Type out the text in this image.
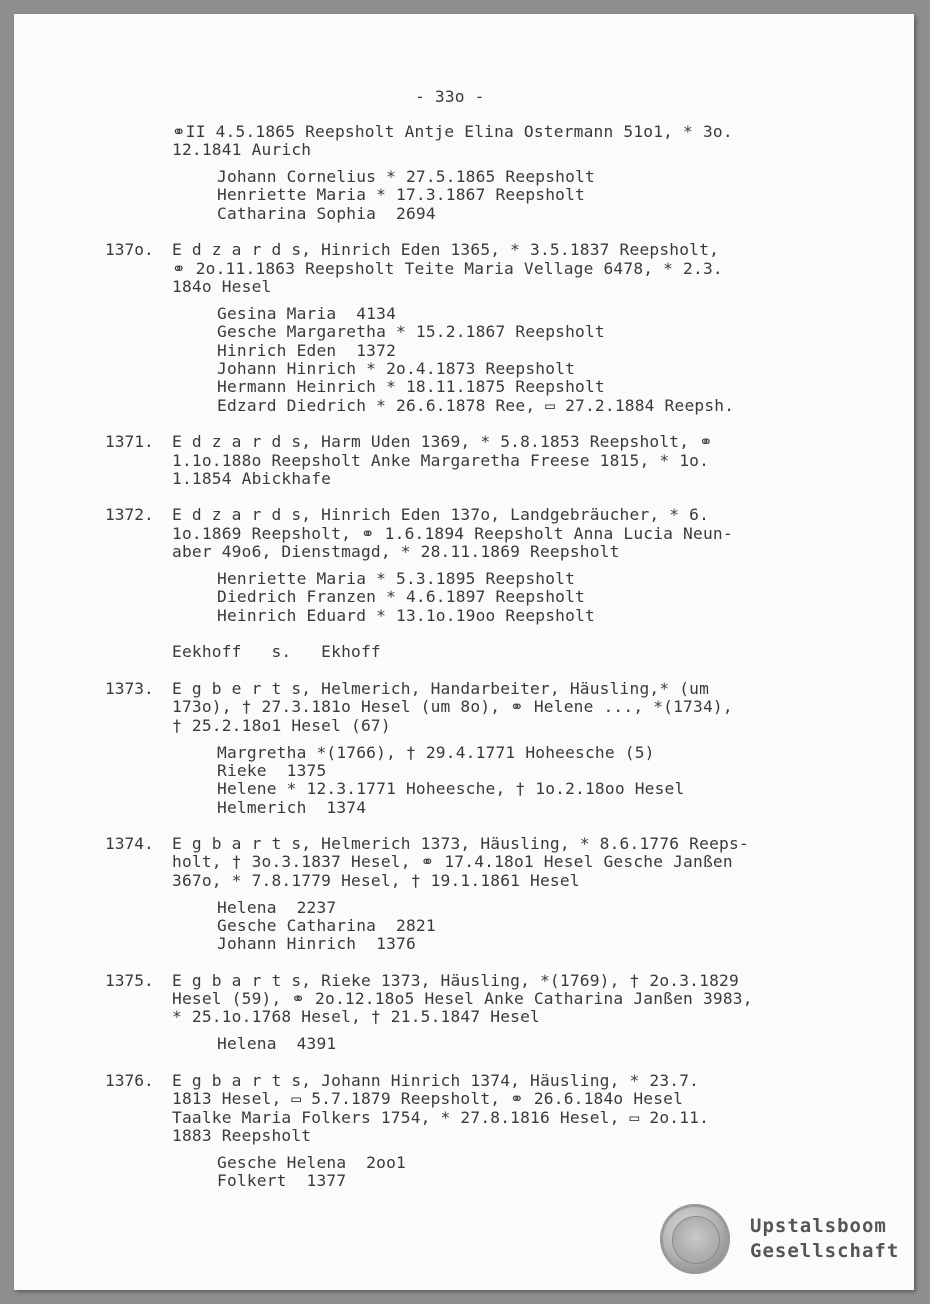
- 33o -
⚭II 4.5.1865 Reepsholt Antje Elina Ostermann 51o1, * 3o.
12.1841 Aurich
Johann Cornelius * 27.5.1865 Reepsholt
Henriette Maria * 17.3.1867 Reepsholt
Catharina Sophia  2694
137o. E d z a r d s, Hinrich Eden 1365, * 3.5.1837 Reepsholt,
⚭ 2o.11.1863 Reepsholt Teite Maria Vellage 6478, * 2.3.
184o Hesel
Gesina Maria  4134
Gesche Margaretha * 15.2.1867 Reepsholt
Hinrich Eden  1372
Johann Hinrich * 2o.4.1873 Reepsholt
Hermann Heinrich * 18.11.1875 Reepsholt
Edzard Diedrich * 26.6.1878 Ree, ▭ 27.2.1884 Reepsh.
1371. E d z a r d s, Harm Uden 1369, * 5.8.1853 Reepsholt, ⚭
1.1o.188o Reepsholt Anke Margaretha Freese 1815, * 1o.
1.1854 Abickhafe
1372. E d z a r d s, Hinrich Eden 137o, Landgebräucher, * 6.
1o.1869 Reepsholt, ⚭ 1.6.1894 Reepsholt Anna Lucia Neun-
aber 49o6, Dienstmagd, * 28.11.1869 Reepsholt
Henriette Maria * 5.3.1895 Reepsholt
Diedrich Franzen * 4.6.1897 Reepsholt
Heinrich Eduard * 13.1o.19oo Reepsholt
Eekhoff   s.   Ekhoff
1373. E g b e r t s, Helmerich, Handarbeiter, Häusling,* (um
173o), † 27.3.181o Hesel (um 8o), ⚭ Helene ..., *(1734),
† 25.2.18o1 Hesel (67)
Margretha *(1766), † 29.4.1771 Hoheesche (5)
Rieke  1375
Helene * 12.3.1771 Hoheesche, † 1o.2.18oo Hesel
Helmerich  1374
1374. E g b a r t s, Helmerich 1373, Häusling, * 8.6.1776 Reeps-
holt, † 3o.3.1837 Hesel, ⚭ 17.4.18o1 Hesel Gesche Janßen
367o, * 7.8.1779 Hesel, † 19.1.1861 Hesel
Helena  2237
Gesche Catharina  2821
Johann Hinrich  1376
1375. E g b a r t s, Rieke 1373, Häusling, *(1769), † 2o.3.1829
Hesel (59), ⚭ 2o.12.18o5 Hesel Anke Catharina Janßen 3983,
* 25.1o.1768 Hesel, † 21.5.1847 Hesel
Helena  4391
1376. E g b a r t s, Johann Hinrich 1374, Häusling, * 23.7.
1813 Hesel, ▭ 5.7.1879 Reepsholt, ⚭ 26.6.184o Hesel
Taalke Maria Folkers 1754, * 27.8.1816 Hesel, ▭ 2o.11.
1883 Reepsholt
Gesche Helena  2oo1
Folkert  1377
Upstalsboom
Gesellschaft
